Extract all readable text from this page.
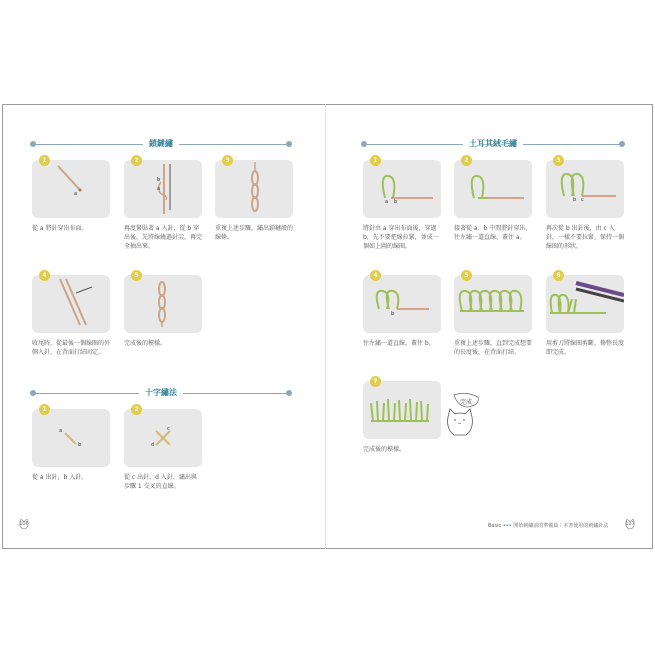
鎖鏈繡
十字繡法
土耳其絨毛繡
1
a
從 a 將針穿出布面。
2
b
a
再度緊貼著 a 入針，從 b 穿出後，先將線繞過針尖，再完全抽出來。
3
重複上述步驟，繡出鎖鏈般的線條。
4
收尾時，從最後一個線圈的外側入針，在背面打結固定。
5
完成後的模樣。
1
a
b
從 a 出針，b 入針。
2
c
d
從 c 出針，d 入針，繡出與步驟 1 交叉的直線。
1
a b
將針由 a 穿出布面後，穿過 b，先不要把線拉緊，並成一個如上圖的線圈。
2
接著從 a．b 中間將針穿出，往左繡一道直線，蓋住 a。
3
b c
再次從 b 出針後，由 c 入針，一樣不要拉緊，保持一個線圈的形狀。
4
b
往左繡一道直線，蓋住 b。
5
重複上述步驟，直到完成想要的長度後，在背面打結。
6
用剪刀將線圈剪斷，修整長度即完成。
7
完成後的模樣。
完成
106	Basic ••• 開始刺繡前的準備篇｜本書使用的刺繡針法	107
